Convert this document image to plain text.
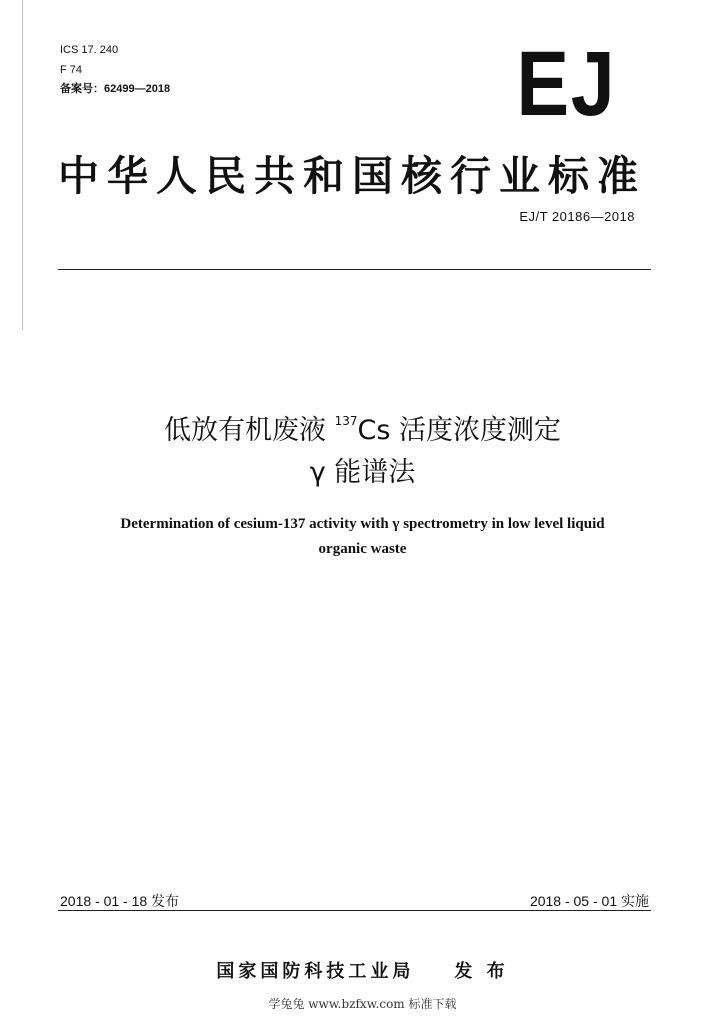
ICS 17. 240
F 74
备案号：62499—2018	EJ
中华人民共和国核行业标准
EJ/T 20186—2018
低放有机废液 $^{137}$Cs 活度浓度测定
γ 能谱法
Determination of cesium-137 activity with γ spectrometry in low level liquid
organic waste
2018 - 01 - 18 发布	2018 - 05 - 01 实施
国家国防科技工业局 发 布
学兔兔 www.bzfxw.com 标准下载
